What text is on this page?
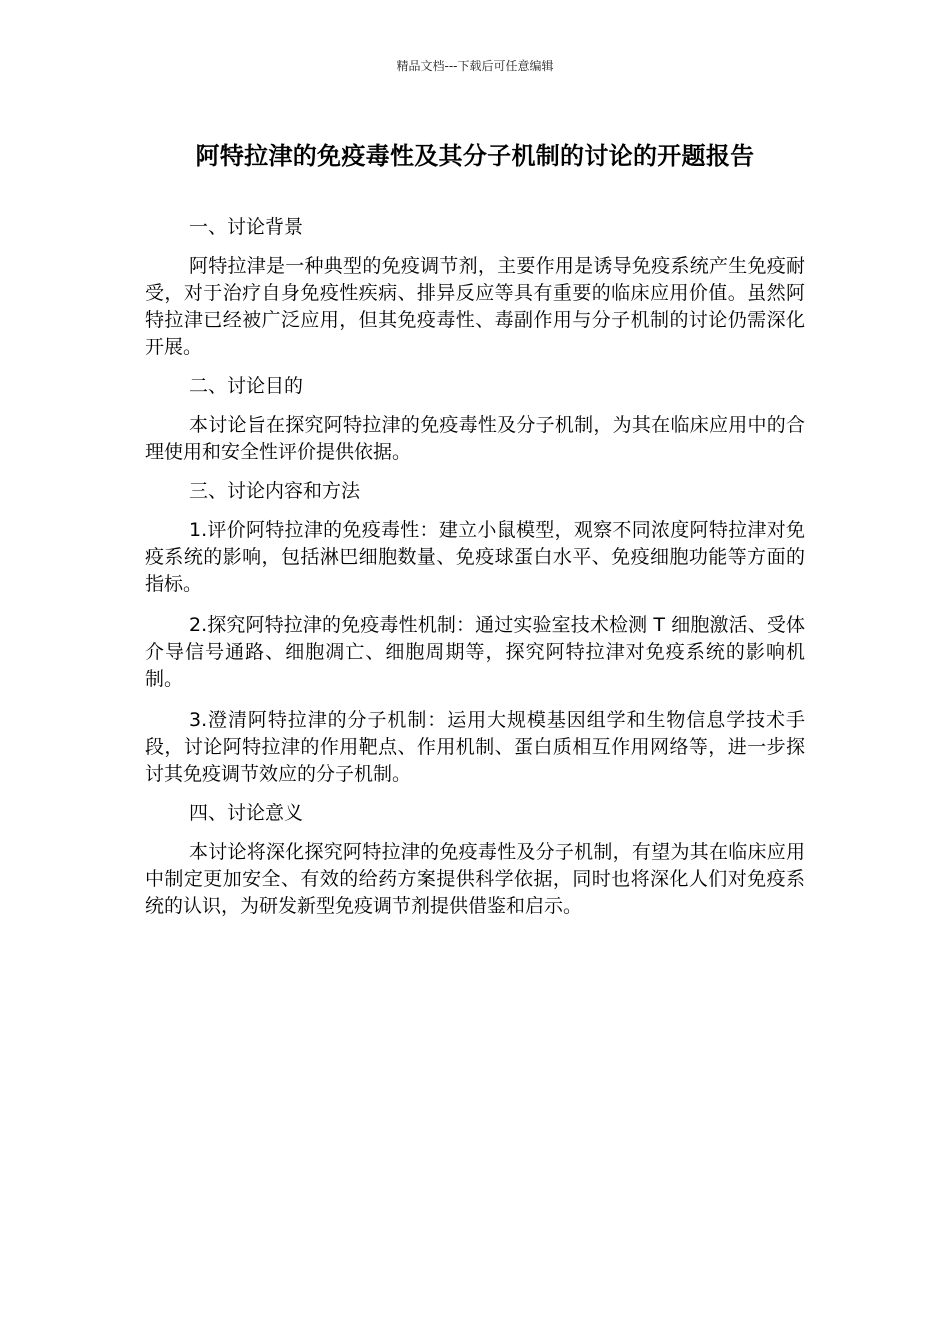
精品文档---下载后可任意编辑
阿特拉津的免疫毒性及其分子机制的讨论的开题报告
一、讨论背景

阿特拉津是一种典型的免疫调节剂，主要作用是诱导免疫系统产生免疫耐受，对于治疗自身免疫性疾病、排异反应等具有重要的临床应用价值。虽然阿特拉津已经被广泛应用，但其免疫毒性、毒副作用与分子机制的讨论仍需深化开展。

二、讨论目的

本讨论旨在探究阿特拉津的免疫毒性及分子机制，为其在临床应用中的合理使用和安全性评价提供依据。

三、讨论内容和方法

1.评价阿特拉津的免疫毒性：建立小鼠模型，观察不同浓度阿特拉津对免疫系统的影响，包括淋巴细胞数量、免疫球蛋白水平、免疫细胞功能等方面的指标。

2.探究阿特拉津的免疫毒性机制：通过实验室技术检测 T 细胞激活、受体介导信号通路、细胞凋亡、细胞周期等，探究阿特拉津对免疫系统的影响机制。

3.澄清阿特拉津的分子机制：运用大规模基因组学和生物信息学技术手段，讨论阿特拉津的作用靶点、作用机制、蛋白质相互作用网络等，进一步探讨其免疫调节效应的分子机制。

四、讨论意义

本讨论将深化探究阿特拉津的免疫毒性及分子机制，有望为其在临床应用中制定更加安全、有效的给药方案提供科学依据，同时也将深化人们对免疫系统的认识，为研发新型免疫调节剂提供借鉴和启示。
